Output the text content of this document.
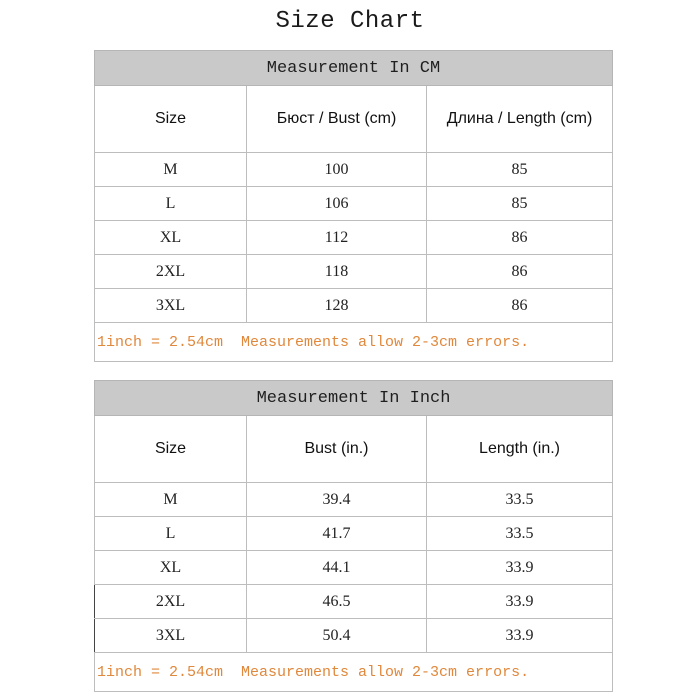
Size Chart
Measurement In CM		
Size	Бюст / Bust (cm)	Длина / Length (cm)
M	100	85
L	106	85
XL	112	86
2XL	118	86
3XL	128	86
1inch = 2.54cm  Measurements allow 2-3cm errors.		
Measurement In Inch		
Size	Bust (in.)	Length (in.)
M	39.4	33.5
L	41.7	33.5
XL	44.1	33.9
2XL	46.5	33.9
3XL	50.4	33.9
1inch = 2.54cm  Measurements allow 2-3cm errors.		
